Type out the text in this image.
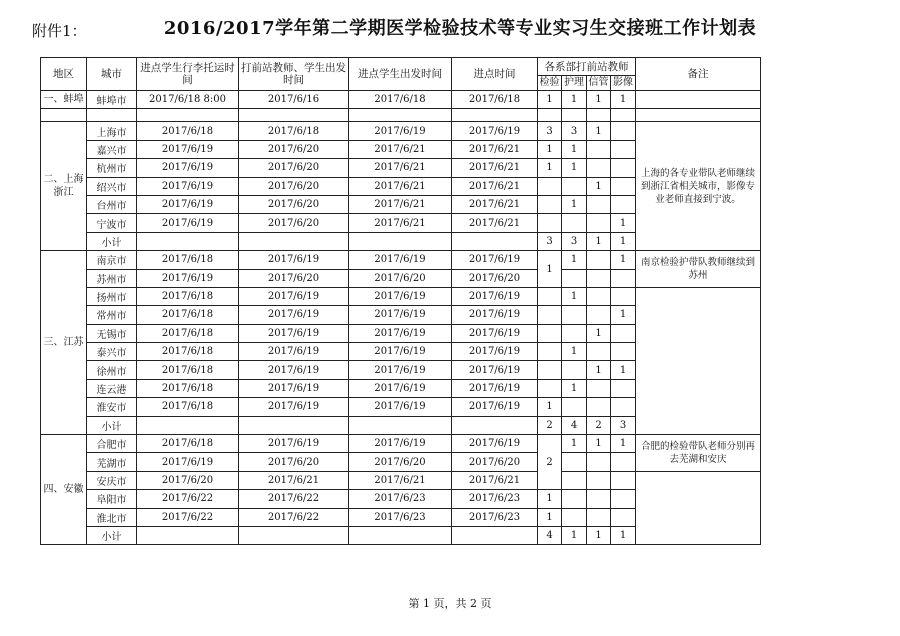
附件1：	2016/2017学年第二学期医学检验技术等专业实习生交接班工作计划表
地区	城市	进点学生行李托运时间	打前站教师、学生出发时间	进点学生出发时间	进点时间	各系部打前站教师				备注
						检验	护理	信管	影像	
一、蚌埠	蚌埠市	2017/6/18 8:00	2017/6/16	2017/6/18	2017/6/18	1	1	1	1	

二、上海浙江	上海市	2017/6/18	2017/6/18	2017/6/19	2017/6/19	3	3	1		上海的各专业带队老师继续到浙江省相关城市，影像专业老师直接到宁波。
	嘉兴市	2017/6/19	2017/6/20	2017/6/21	2017/6/21	1	1			
	杭州市	2017/6/19	2017/6/20	2017/6/21	2017/6/21	1	1			
	绍兴市	2017/6/19	2017/6/20	2017/6/21	2017/6/21			1		
	台州市	2017/6/19	2017/6/20	2017/6/21	2017/6/21		1			
	宁波市	2017/6/19	2017/6/20	2017/6/21	2017/6/21				1	
	小计					3	3	1	1	
三、江苏	南京市	2017/6/18	2017/6/19	2017/6/19	2017/6/19	1	1		1	南京检验护带队教师继续到苏州
	苏州市	2017/6/19	2017/6/20	2017/6/20	2017/6/20					
	扬州市	2017/6/18	2017/6/19	2017/6/19	2017/6/19		1			
	常州市	2017/6/18	2017/6/19	2017/6/19	2017/6/19				1	
	无锡市	2017/6/18	2017/6/19	2017/6/19	2017/6/19			1		
	泰兴市	2017/6/18	2017/6/19	2017/6/19	2017/6/19		1			
	徐州市	2017/6/18	2017/6/19	2017/6/19	2017/6/19			1	1	
	连云港	2017/6/18	2017/6/19	2017/6/19	2017/6/19		1			
	淮安市	2017/6/18	2017/6/19	2017/6/19	2017/6/19	1				
	小计					2	4	2	3	
四、安徽	合肥市	2017/6/18	2017/6/19	2017/6/19	2017/6/19	2	1	1	1	合肥的检验带队老师分别再去芜湖和安庆
	芜湖市	2017/6/19	2017/6/20	2017/6/20	2017/6/20					
	安庆市	2017/6/20	2017/6/21	2017/6/21	2017/6/21					
	阜阳市	2017/6/22	2017/6/22	2017/6/23	2017/6/23	1				
	淮北市	2017/6/22	2017/6/22	2017/6/23	2017/6/23	1				
	小计					4	1	1	1	
第 1 页，共 2 页
